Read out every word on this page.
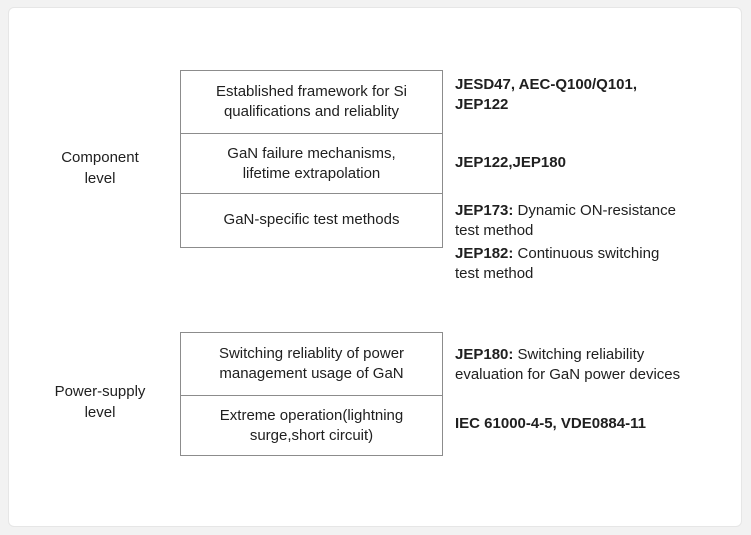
Component
level
Established framework for Si
qualifications and reliablity
GaN failure mechanisms,
lifetime extrapolation
GaN-specific test methods
JESD47, AEC-Q100/Q101,
JEP122
JEP122,JEP180
JEP173: Dynamic ON-resistance
test method
JEP182: Continuous switching
test method
Power-supply
level
Switching reliablity of power
management usage of GaN
Extreme operation(lightning
surge,short circuit)
JEP180: Switching reliability
evaluation for GaN power devices
IEC 61000-4-5, VDE0884-11
